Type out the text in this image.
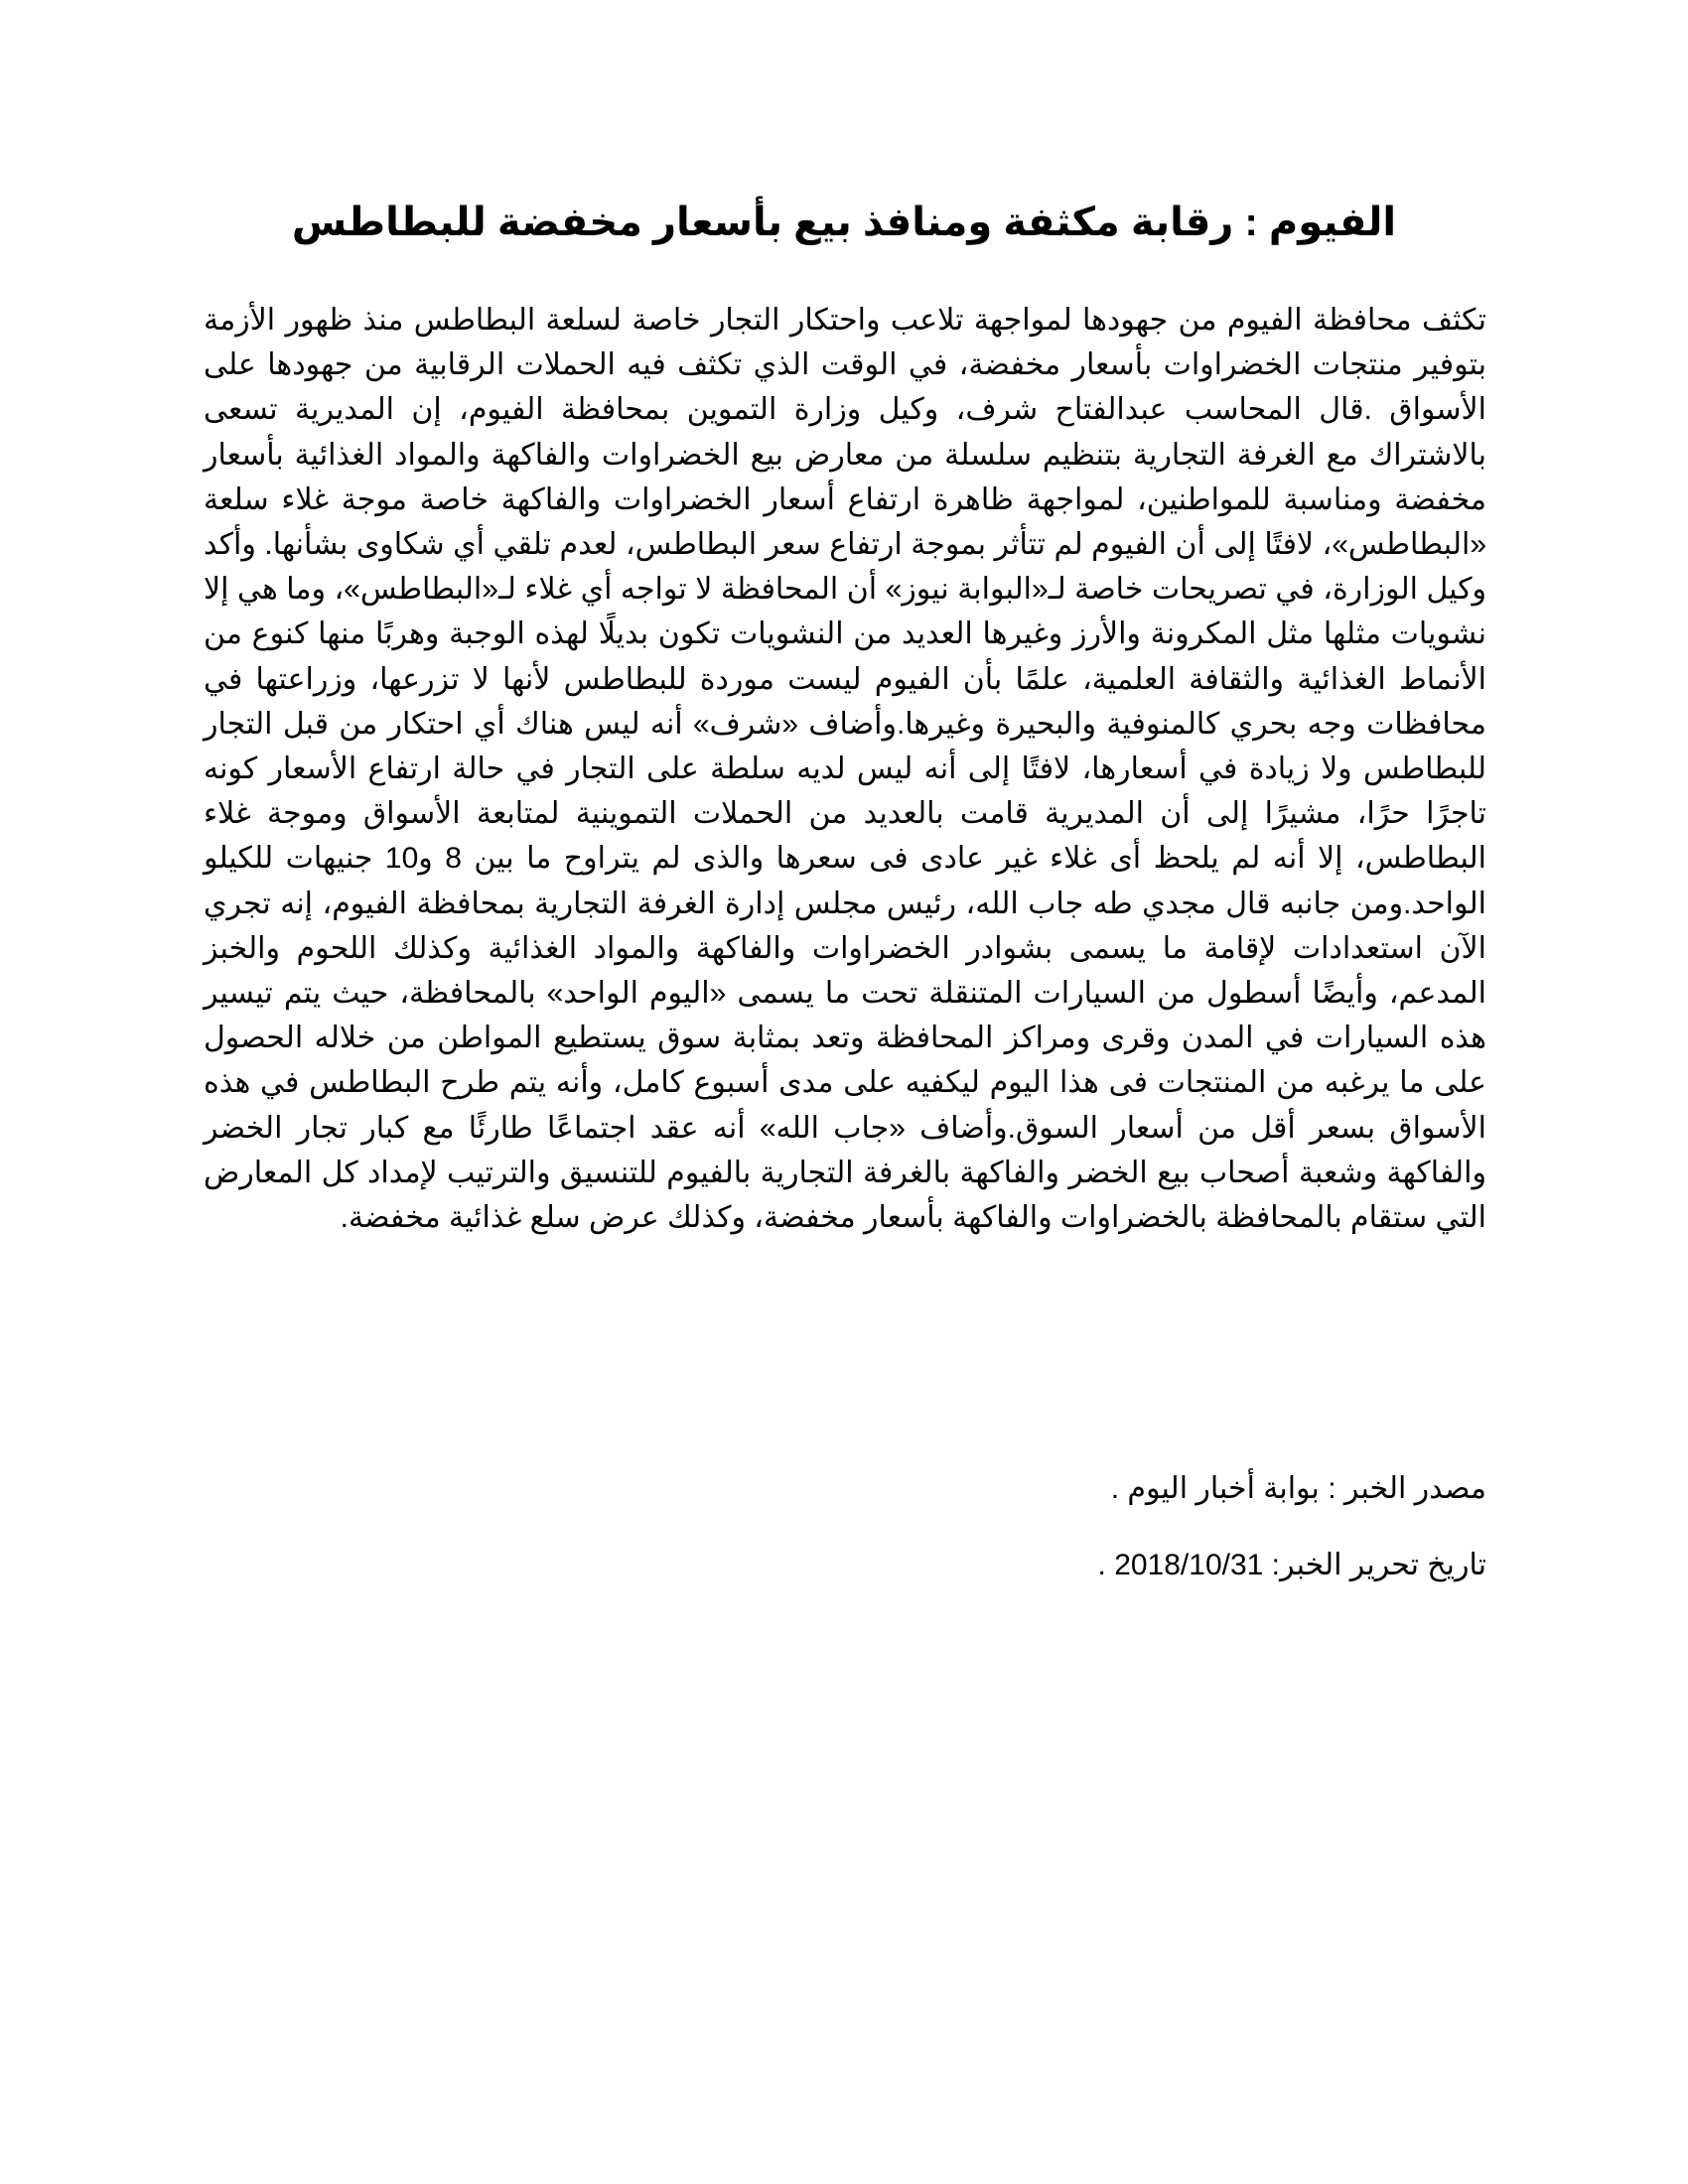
الفيوم : رقابة مكثفة ومنافذ بيع بأسعار مخفضة للبطاطس

تكثف محافظة الفيوم من جهودها لمواجهة تلاعب واحتكار التجار خاصة لسلعة البطاطس منذ ظهور الأزمة بتوفير منتجات الخضراوات بأسعار مخفضة، في الوقت الذي تكثف فيه الحملات الرقابية من جهودها على الأسواق .قال المحاسب عبدالفتاح شرف، وكيل وزارة التموين بمحافظة الفيوم، إن المديرية تسعى بالاشتراك مع الغرفة التجارية بتنظيم سلسلة من معارض بيع الخضراوات والفاكهة والمواد الغذائية بأسعار مخفضة ومناسبة للمواطنين، لمواجهة ظاهرة ارتفاع أسعار الخضراوات والفاكهة خاصة موجة غلاء سلعة «البطاطس»، لافتًا إلى أن الفيوم لم تتأثر بموجة ارتفاع سعر البطاطس، لعدم تلقي أي شكاوى بشأنها. وأكد وكيل الوزارة، في تصريحات خاصة لـ«البوابة نيوز» أن المحافظة لا تواجه أي غلاء لـ«البطاطس»، وما هي إلا نشويات مثلها مثل المكرونة والأرز وغيرها العديد من النشويات تكون بديلًا لهذه الوجبة وهربًا منها كنوع من الأنماط الغذائية والثقافة العلمية، علمًا بأن الفيوم ليست موردة للبطاطس لأنها لا تزرعها، وزراعتها في محافظات وجه بحري كالمنوفية والبحيرة وغيرها.وأضاف «شرف» أنه ليس هناك أي احتكار من قبل التجار للبطاطس ولا زيادة في أسعارها، لافتًا إلى أنه ليس لديه سلطة على التجار في حالة ارتفاع الأسعار كونه تاجرًا حرًا، مشيرًا إلى أن المديرية قامت بالعديد من الحملات التموينية لمتابعة الأسواق وموجة غلاء البطاطس، إلا أنه لم يلحظ أى غلاء غير عادى فى سعرها والذى لم يتراوح ما بين 8 و10 جنيهات للكيلو الواحد.ومن جانبه قال مجدي طه جاب الله، رئيس مجلس إدارة الغرفة التجارية بمحافظة الفيوم، إنه تجري الآن استعدادات لإقامة ما يسمى بشوادر الخضراوات والفاكهة والمواد الغذائية وكذلك اللحوم والخبز المدعم، وأيضًا أسطول من السيارات المتنقلة تحت ما يسمى «اليوم الواحد» بالمحافظة، حيث يتم تيسير هذه السيارات في المدن وقرى ومراكز المحافظة وتعد بمثابة سوق يستطيع المواطن من خلاله الحصول على ما يرغبه من المنتجات فى هذا اليوم ليكفيه على مدى أسبوع كامل، وأنه يتم طرح البطاطس في هذه الأسواق بسعر أقل من أسعار السوق.وأضاف «جاب الله» أنه عقد اجتماعًا طارئًا مع كبار تجار الخضر والفاكهة وشعبة أصحاب بيع الخضر والفاكهة بالغرفة التجارية بالفيوم للتنسيق والترتيب لإمداد كل المعارض التي ستقام بالمحافظة بالخضراوات والفاكهة بأسعار مخفضة، وكذلك عرض سلع غذائية مخفضة.

مصدر الخبر : بوابة أخبار اليوم .

تاريخ تحرير الخبر: 2018/10/31 .
